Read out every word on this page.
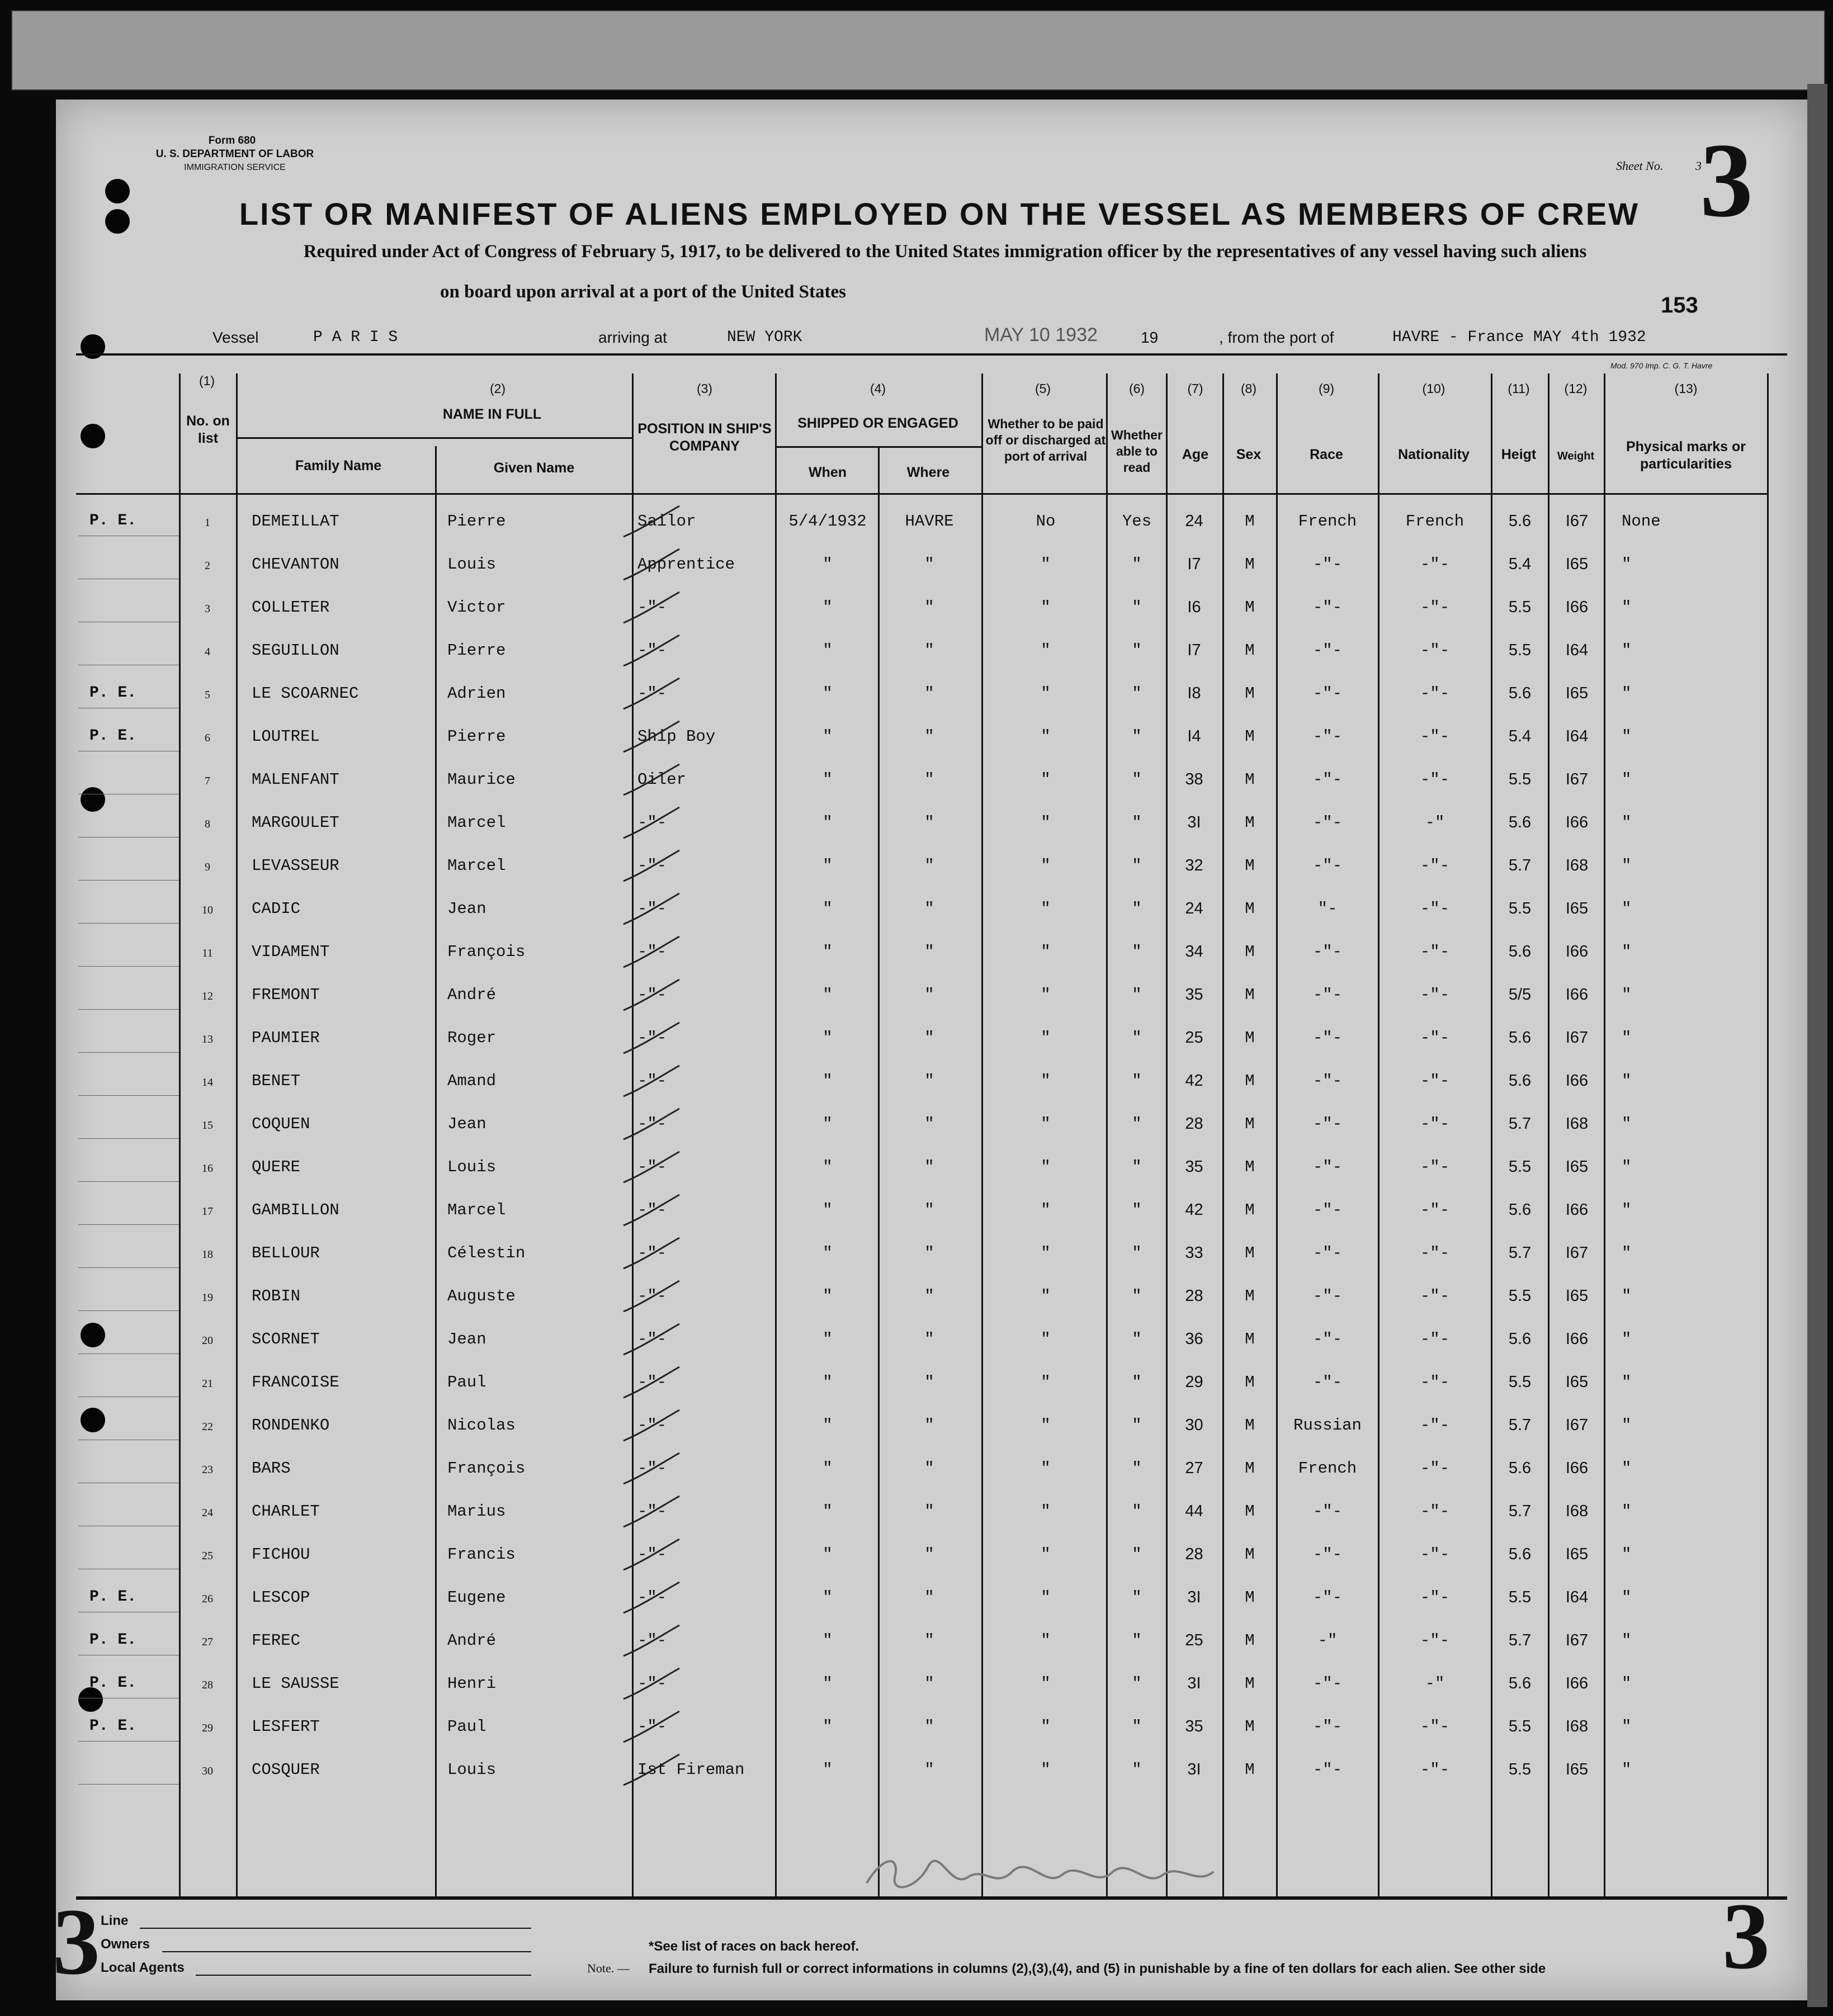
Form 680
U. S. DEPARTMENT OF LABOR
IMMIGRATION SERVICE	Sheet No.	3
3
LIST OR MANIFEST OF ALIENS EMPLOYED ON THE VESSEL AS MEMBERS OF CREW
Required under Act of Congress of February 5, 1917, to be delivered to the United States immigration officer by the representatives of any vessel having such aliens
on board upon arrival at a port of the United States
153
Vessel	P A R I S	arriving at	NEW YORK	MAY 10 1932	19	, from the port of	HAVRE - France MAY 4th 1932
Mod. 970 Imp. C. G. T. Havre
(1)
No. on list
(2)
NAME IN FULL
Family Name	Given Name
(3)
POSITION IN SHIP'S COMPANY
(4)
SHIPPED OR ENGAGED
When	Where
(5)
Whether to be paid off or discharged at port of arrival
(6)
Whether able to read
(7)
Age
(8)
Sex
(9)
Race
(10)
Nationality
(11)
Heigt
(12)
Weight
(13)
Physical marks or particularities
P. E.	1	DEMEILLAT	Pierre	Sailor	5/4/1932	HAVRE	No	Yes	24	M	French	French	5.6	I67	None
2	CHEVANTON	Louis	Apprentice	"	"	"	"	I7	M	-"-	-"-	5.4	I65	"
3	COLLETER	Victor	-"-	"	"	"	"	I6	M	-"-	-"-	5.5	I66	"
4	SEGUILLON	Pierre	-"-	"	"	"	"	I7	M	-"-	-"-	5.5	I64	"
P. E.	5	LE SCOARNEC	Adrien	-"-	"	"	"	"	I8	M	-"-	-"-	5.6	I65	"
P. E.	6	LOUTREL	Pierre	Ship Boy	"	"	"	"	I4	M	-"-	-"-	5.4	I64	"
7	MALENFANT	Maurice	Oiler	"	"	"	"	38	M	-"-	-"-	5.5	I67	"
8	MARGOULET	Marcel	-"-	"	"	"	"	3I	M	-"-	-"	5.6	I66	"
9	LEVASSEUR	Marcel	-"-	"	"	"	"	32	M	-"-	-"-	5.7	I68	"
10	CADIC	Jean	-"-	"	"	"	"	24	M	"-	-"-	5.5	I65	"
11	VIDAMENT	François	-"-	"	"	"	"	34	M	-"-	-"-	5.6	I66	"
12	FREMONT	André	-"-	"	"	"	"	35	M	-"-	-"-	5/5	I66	"
13	PAUMIER	Roger	-"-	"	"	"	"	25	M	-"-	-"-	5.6	I67	"
14	BENET	Amand	-"-	"	"	"	"	42	M	-"-	-"-	5.6	I66	"
15	COQUEN	Jean	-"-	"	"	"	"	28	M	-"-	-"-	5.7	I68	"
16	QUERE	Louis	-"-	"	"	"	"	35	M	-"-	-"-	5.5	I65	"
17	GAMBILLON	Marcel	-"-	"	"	"	"	42	M	-"-	-"-	5.6	I66	"
18	BELLOUR	Célestin	-"-	"	"	"	"	33	M	-"-	-"-	5.7	I67	"
19	ROBIN	Auguste	-"-	"	"	"	"	28	M	-"-	-"-	5.5	I65	"
20	SCORNET	Jean	-"-	"	"	"	"	36	M	-"-	-"-	5.6	I66	"
21	FRANCOISE	Paul	-"-	"	"	"	"	29	M	-"-	-"-	5.5	I65	"
22	RONDENKO	Nicolas	-"-	"	"	"	"	30	M	Russian	-"-	5.7	I67	"
23	BARS	François	-"-	"	"	"	"	27	M	French	-"-	5.6	I66	"
24	CHARLET	Marius	-"-	"	"	"	"	44	M	-"-	-"-	5.7	I68	"
25	FICHOU	Francis	-"-	"	"	"	"	28	M	-"-	-"-	5.6	I65	"
P. E.	26	LESCOP	Eugene	-"-	"	"	"	"	3I	M	-"-	-"-	5.5	I64	"
P. E.	27	FEREC	André	-"-	"	"	"	"	25	M	-"	-"-	5.7	I67	"
P. E.	28	LE SAUSSE	Henri	-"-	"	"	"	"	3I	M	-"-	-"	5.6	I66	"
P. E.	29	LESFERT	Paul	-"-	"	"	"	"	35	M	-"-	-"-	5.5	I68	"
30	COSQUER	Louis	Ist Fireman	"	"	"	"	3I	M	-"-	-"-	5.5	I65	"
3 Line
Owners
Local Agents
*See list of races on back hereof.
Note. — Failure to furnish full or correct informations in columns (2),(3),(4), and (5) in punishable by a fine of ten dollars for each alien. See other side	3
